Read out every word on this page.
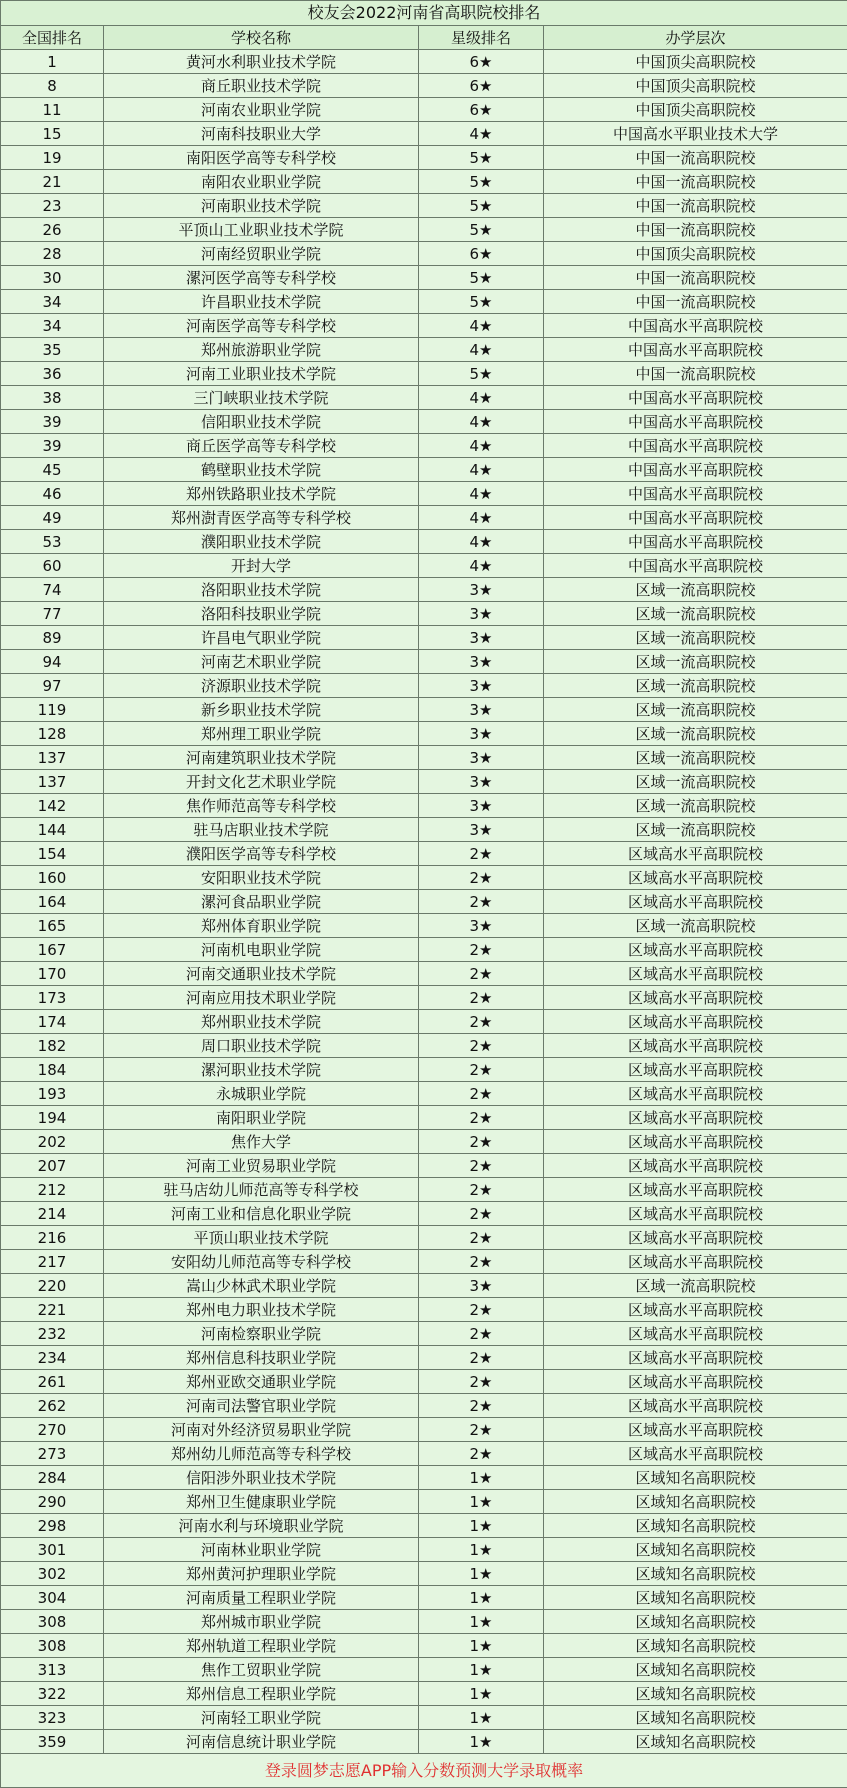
校友会2022河南省高职院校排名			
全国排名	学校名称	星级排名	办学层次
1	黄河水利职业技术学院	6★	中国顶尖高职院校
8	商丘职业技术学院	6★	中国顶尖高职院校
11	河南农业职业学院	6★	中国顶尖高职院校
15	河南科技职业大学	4★	中国高水平职业技术大学
19	南阳医学高等专科学校	5★	中国一流高职院校
21	南阳农业职业学院	5★	中国一流高职院校
23	河南职业技术学院	5★	中国一流高职院校
26	平顶山工业职业技术学院	5★	中国一流高职院校
28	河南经贸职业学院	6★	中国顶尖高职院校
30	漯河医学高等专科学校	5★	中国一流高职院校
34	许昌职业技术学院	5★	中国一流高职院校
34	河南医学高等专科学校	4★	中国高水平高职院校
35	郑州旅游职业学院	4★	中国高水平高职院校
36	河南工业职业技术学院	5★	中国一流高职院校
38	三门峡职业技术学院	4★	中国高水平高职院校
39	信阳职业技术学院	4★	中国高水平高职院校
39	商丘医学高等专科学校	4★	中国高水平高职院校
45	鹤壁职业技术学院	4★	中国高水平高职院校
46	郑州铁路职业技术学院	4★	中国高水平高职院校
49	郑州澍青医学高等专科学校	4★	中国高水平高职院校
53	濮阳职业技术学院	4★	中国高水平高职院校
60	开封大学	4★	中国高水平高职院校
74	洛阳职业技术学院	3★	区域一流高职院校
77	洛阳科技职业学院	3★	区域一流高职院校
89	许昌电气职业学院	3★	区域一流高职院校
94	河南艺术职业学院	3★	区域一流高职院校
97	济源职业技术学院	3★	区域一流高职院校
119	新乡职业技术学院	3★	区域一流高职院校
128	郑州理工职业学院	3★	区域一流高职院校
137	河南建筑职业技术学院	3★	区域一流高职院校
137	开封文化艺术职业学院	3★	区域一流高职院校
142	焦作师范高等专科学校	3★	区域一流高职院校
144	驻马店职业技术学院	3★	区域一流高职院校
154	濮阳医学高等专科学校	2★	区域高水平高职院校
160	安阳职业技术学院	2★	区域高水平高职院校
164	漯河食品职业学院	2★	区域高水平高职院校
165	郑州体育职业学院	3★	区域一流高职院校
167	河南机电职业学院	2★	区域高水平高职院校
170	河南交通职业技术学院	2★	区域高水平高职院校
173	河南应用技术职业学院	2★	区域高水平高职院校
174	郑州职业技术学院	2★	区域高水平高职院校
182	周口职业技术学院	2★	区域高水平高职院校
184	漯河职业技术学院	2★	区域高水平高职院校
193	永城职业学院	2★	区域高水平高职院校
194	南阳职业学院	2★	区域高水平高职院校
202	焦作大学	2★	区域高水平高职院校
207	河南工业贸易职业学院	2★	区域高水平高职院校
212	驻马店幼儿师范高等专科学校	2★	区域高水平高职院校
214	河南工业和信息化职业学院	2★	区域高水平高职院校
216	平顶山职业技术学院	2★	区域高水平高职院校
217	安阳幼儿师范高等专科学校	2★	区域高水平高职院校
220	嵩山少林武术职业学院	3★	区域一流高职院校
221	郑州电力职业技术学院	2★	区域高水平高职院校
232	河南检察职业学院	2★	区域高水平高职院校
234	郑州信息科技职业学院	2★	区域高水平高职院校
261	郑州亚欧交通职业学院	2★	区域高水平高职院校
262	河南司法警官职业学院	2★	区域高水平高职院校
270	河南对外经济贸易职业学院	2★	区域高水平高职院校
273	郑州幼儿师范高等专科学校	2★	区域高水平高职院校
284	信阳涉外职业技术学院	1★	区域知名高职院校
290	郑州卫生健康职业学院	1★	区域知名高职院校
298	河南水利与环境职业学院	1★	区域知名高职院校
301	河南林业职业学院	1★	区域知名高职院校
302	郑州黄河护理职业学院	1★	区域知名高职院校
304	河南质量工程职业学院	1★	区域知名高职院校
308	郑州城市职业学院	1★	区域知名高职院校
308	郑州轨道工程职业学院	1★	区域知名高职院校
313	焦作工贸职业学院	1★	区域知名高职院校
322	郑州信息工程职业学院	1★	区域知名高职院校
323	河南轻工职业学院	1★	区域知名高职院校
359	河南信息统计职业学院	1★	区域知名高职院校
登录圆梦志愿APP输入分数预测大学录取概率			
